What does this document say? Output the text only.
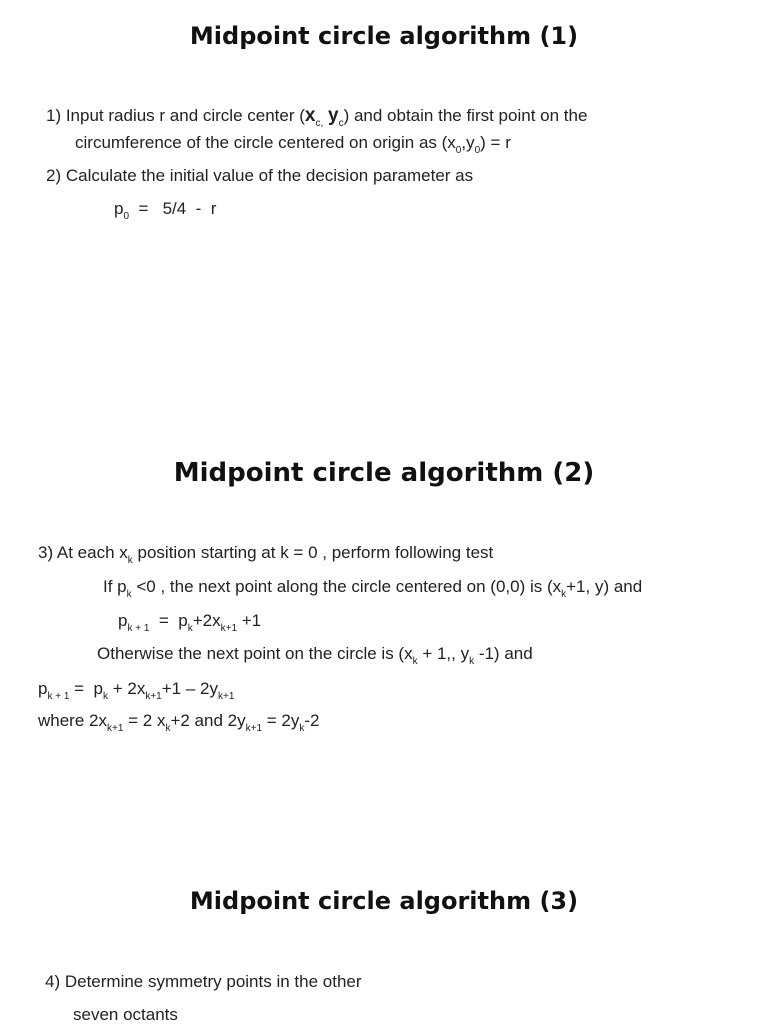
Midpoint circle algorithm (1)
1) Input radius r and circle center ($x_{c,}$ $y_c$) and obtain the first point on the
circumference of the circle centered on origin as $(x_0,y_0) = r$
2) Calculate the initial value of the decision parameter as
$p_0 = 5/4 - r$
Midpoint circle algorithm (2)
3) At each $x_k$ position starting at k = 0 , perform following test
If $p_k <0$ , the next point along the circle centered on (0,0) is ($x_k+1$, y) and
$p_{k + 1} = p_k+2x_{k+1} +1$
Otherwise the next point on the circle is ($x_k + 1$,, $y_k$ -1) and
$p_{k + 1} = p_k + 2x_{k+1}+1 - 2y_{k+1}$
where $2x_{k+1} = 2$ $x_k+2$ and $2y_{k+1} = 2y_k-2$
Midpoint circle algorithm (3)
4) Determine symmetry points in the other
seven octants
